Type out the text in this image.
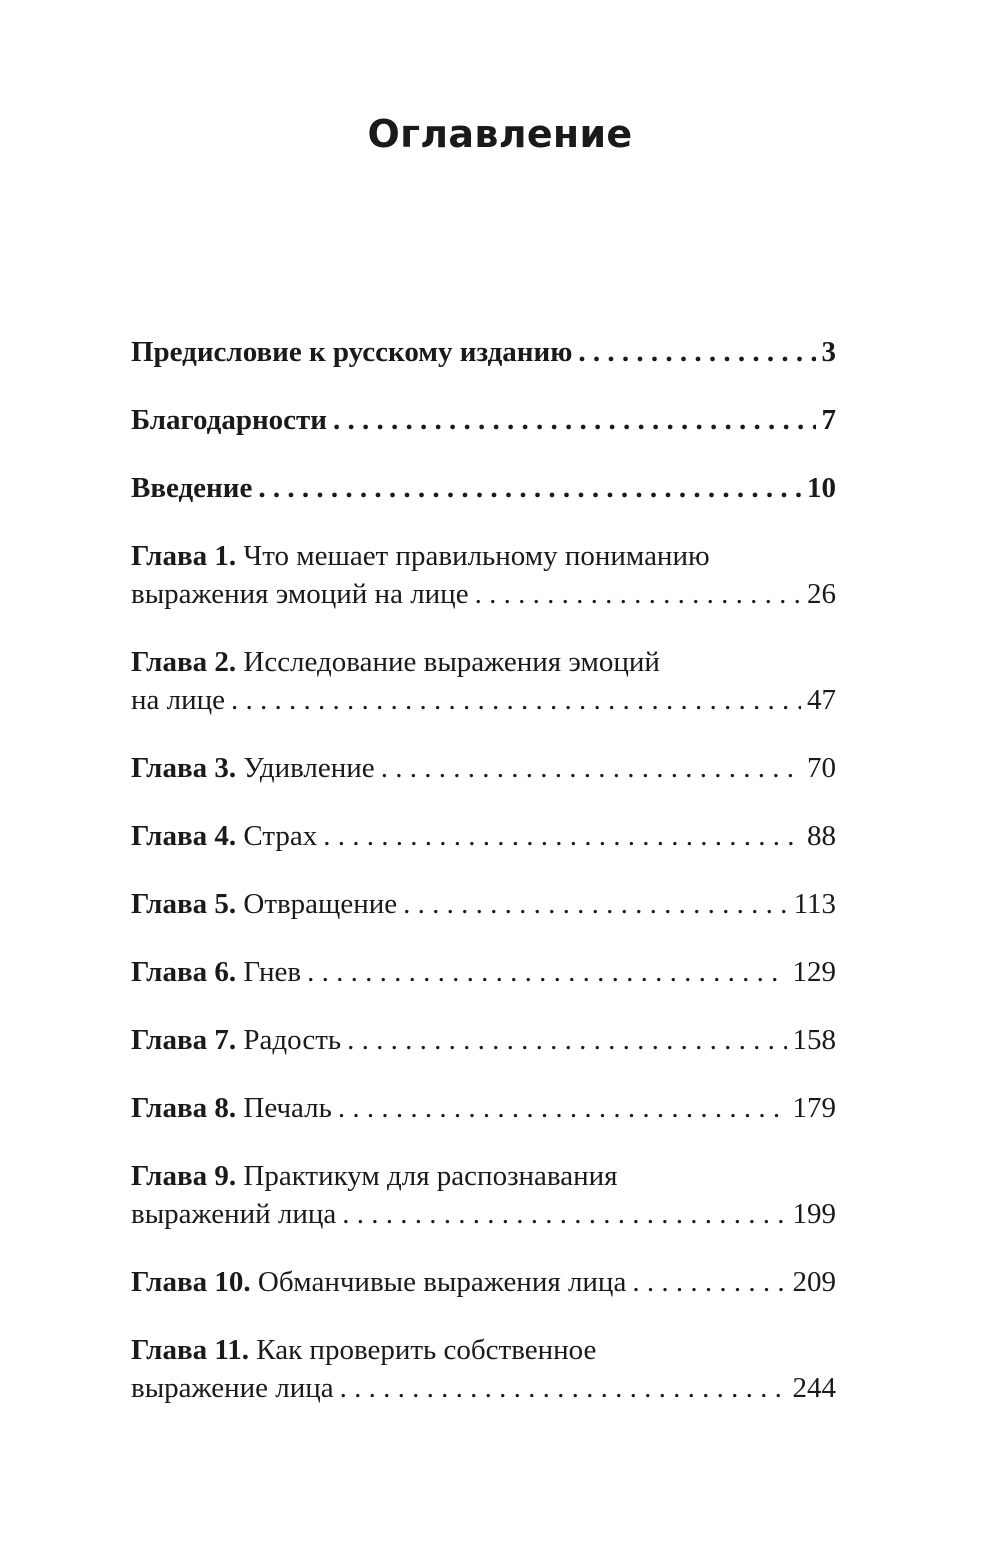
Оглавление
Предисловие к русскому изданию . . .	3
Благодарности . . .	7
Введение . . .	10
Глава 1.
Что мешает правильному пониманию
выражения эмоций на лице . . .	26
Глава 2.
Исследование выражения эмоций
на лице . . .	47
Глава 3.
Удивление . . .	70
Глава 4.
Страх . . .	88
Глава 5.
Отвращение . . .	113
Глава 6.
Гнев . . .	129
Глава 7.
Радость . . .	158
Глава 8.
Печаль . . .	179
Глава 9.
Практикум для распознавания
выражений лица . . .	199
Глава 10.
Обманчивые выражения лица . . .	209
Глава 11.
Как проверить собственное
выражение лица . . .	244
